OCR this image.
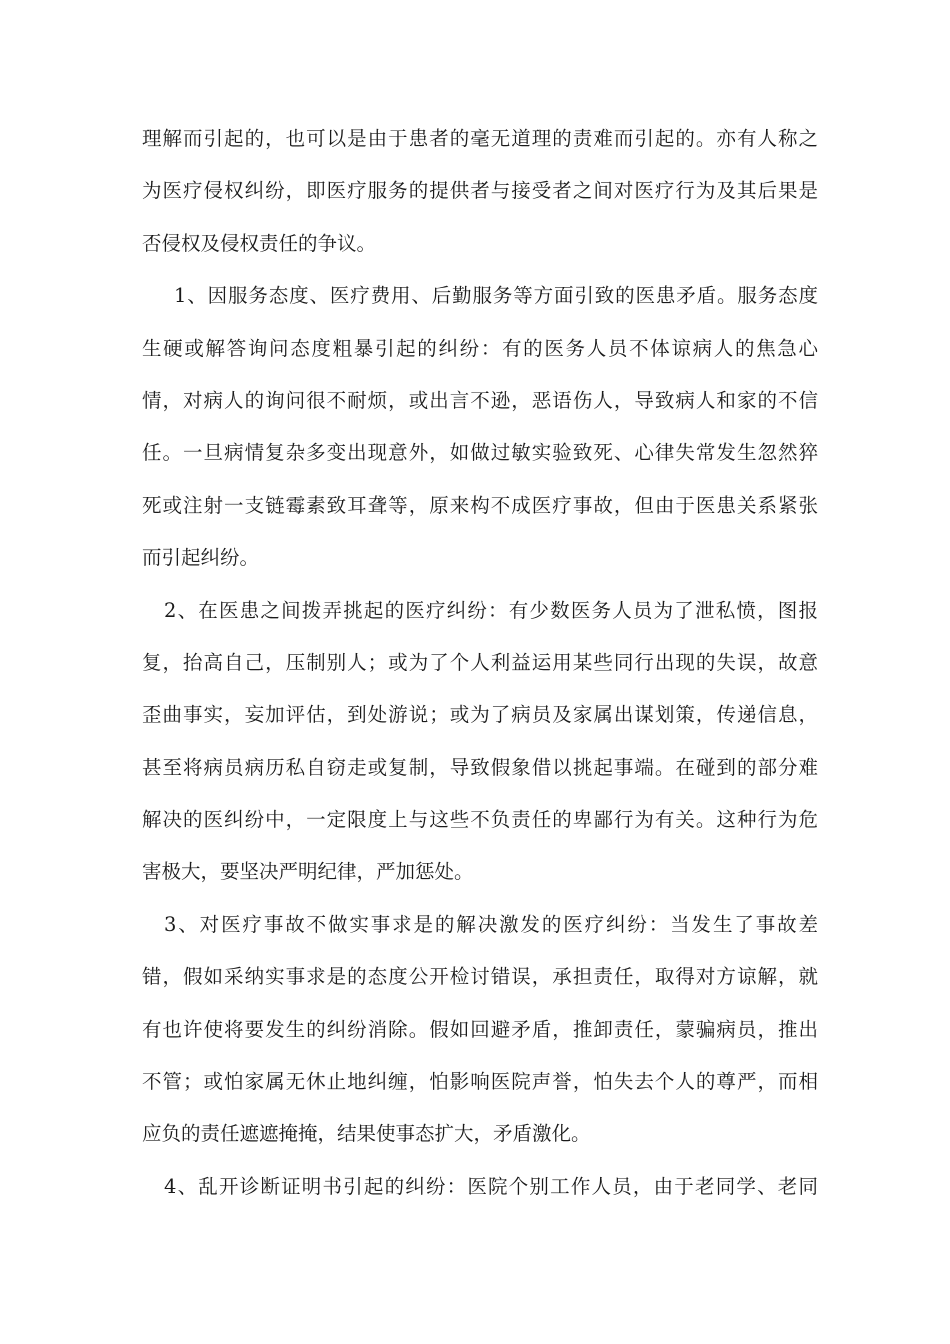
理解而引起的，也可以是由于患者的毫无道理的责难而引起的。亦有人称之
为医疗侵权纠纷，即医疗服务的提供者与接受者之间对医疗行为及其后果是
否侵权及侵权责任的争议。
1、因服务态度、医疗费用、后勤服务等方面引致的医患矛盾。服务态度
生硬或解答询问态度粗暴引起的纠纷：有的医务人员不体谅病人的焦急心
情，对病人的询问很不耐烦，或出言不逊，恶语伤人，导致病人和家的不信
任。一旦病情复杂多变出现意外，如做过敏实验致死、心律失常发生忽然猝
死或注射一支链霉素致耳聋等，原来构不成医疗事故，但由于医患关系紧张
而引起纠纷。
2、在医患之间拨弄挑起的医疗纠纷：有少数医务人员为了泄私愤，图报
复，抬高自己，压制别人；或为了个人利益运用某些同行出现的失误，故意
歪曲事实，妄加评估，到处游说；或为了病员及家属出谋划策，传递信息，
甚至将病员病历私自窃走或复制，导致假象借以挑起事端。在碰到的部分难
解决的医纠纷中，一定限度上与这些不负责任的卑鄙行为有关。这种行为危
害极大，要坚决严明纪律，严加惩处。
3、对医疗事故不做实事求是的解决激发的医疗纠纷：当发生了事故差
错，假如采纳实事求是的态度公开检讨错误，承担责任，取得对方谅解，就
有也许使将要发生的纠纷消除。假如回避矛盾，推卸责任，蒙骗病员，推出
不管；或怕家属无休止地纠缠，怕影响医院声誉，怕失去个人的尊严，而相
应负的责任遮遮掩掩，结果使事态扩大，矛盾激化。
4、乱开诊断证明书引起的纠纷：医院个别工作人员，由于老同学、老同
